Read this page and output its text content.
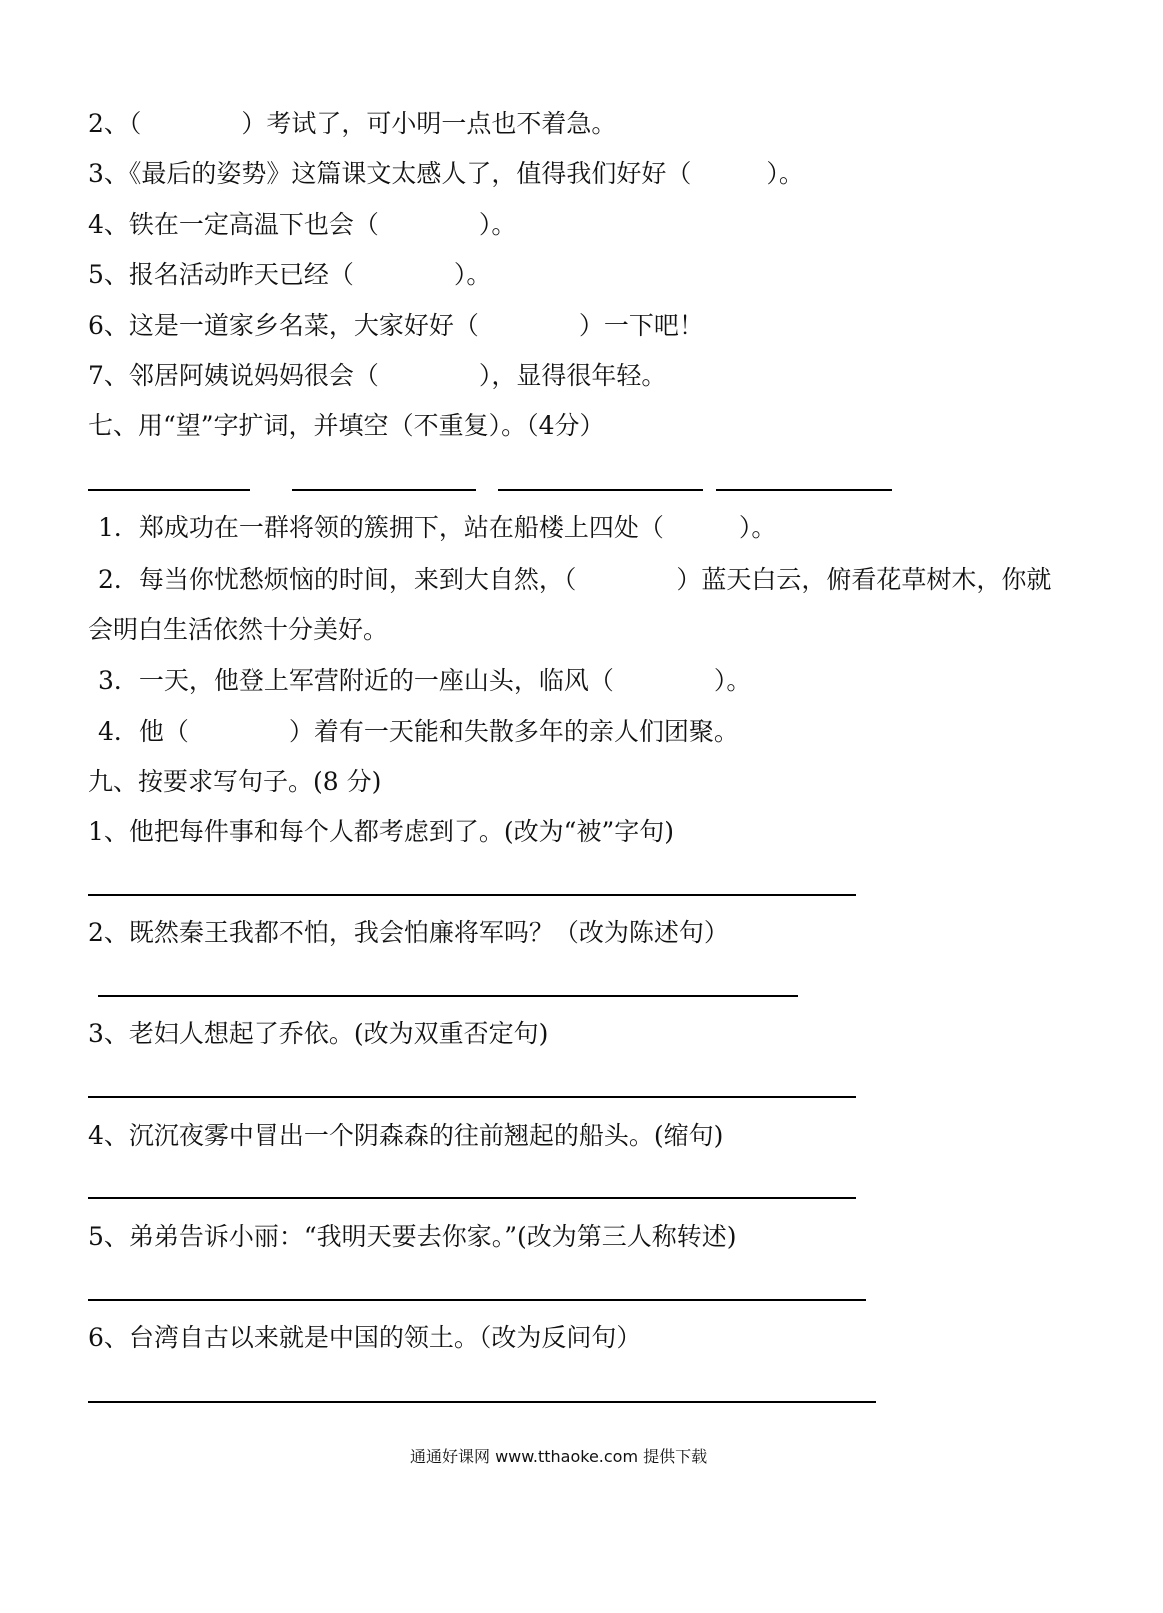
2、（　　　　）考试了，可小明一点也不着急。
3、《最后的姿势》这篇课文太感人了，值得我们好好（　　　）。
4、铁在一定高温下也会（　　　　）。
5、报名活动昨天已经（　　　　）。
6、这是一道家乡名菜，大家好好（　　　　）一下吧！
7、邻居阿姨说妈妈很会（　　　　），显得很年轻。
七、用“望”字扩词，并填空（不重复）。（4分）
1．郑成功在一群将领的簇拥下，站在船楼上四处（　　　）。
2．每当你忧愁烦恼的时间，来到大自然，（　　　　）蓝天白云，俯看花草树木，你就
会明白生活依然十分美好。
3．一天，他登上军营附近的一座山头，临风（　　　　）。
4．他（　　　　）着有一天能和失散多年的亲人们团聚。
九、按要求写句子。(8 分)
1、他把每件事和每个人都考虑到了。(改为“被”字句)
2、既然秦王我都不怕，我会怕廉将军吗？（改为陈述句）
3、老妇人想起了乔依。(改为双重否定句)
4、沉沉夜雾中冒出一个阴森森的往前翘起的船头。(缩句)
5、弟弟告诉小丽：“我明天要去你家。”(改为第三人称转述)
6、台湾自古以来就是中国的领土。（改为反问句）
通通好课网 www.tthaoke.com 提供下载
